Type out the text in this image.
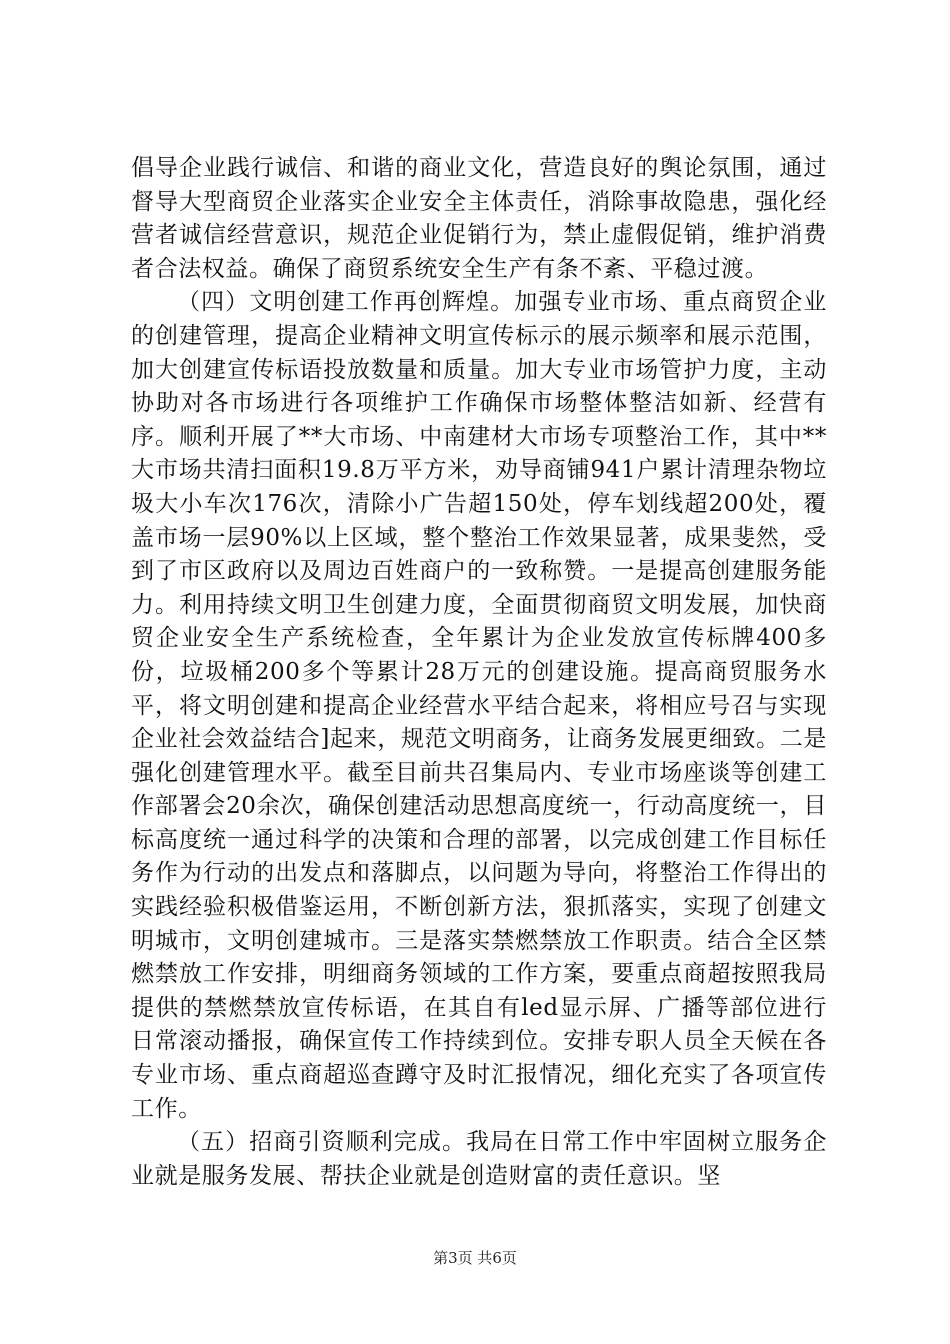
倡导企业践行诚信、和谐的商业文化，营造良好的舆论氛围，通过督导大型商贸企业落实企业安全主体责任，消除事故隐患，强化经营者诚信经营意识，规范企业促销行为，禁止虚假促销，维护消费者合法权益。确保了商贸系统安全生产有条不紊、平稳过渡。

（四）文明创建工作再创辉煌。加强专业市场、重点商贸企业的创建管理，提高企业精神文明宣传标示的展示频率和展示范围，加大创建宣传标语投放数量和质量。加大专业市场管护力度，主动协助对各市场进行各项维护工作确保市场整体整洁如新、经营有序。顺利开展了**大市场、中南建材大市场专项整治工作，其中**大市场共清扫面积19.8万平方米，劝导商铺941户累计清理杂物垃圾大小车次176次，清除小广告超150处，停车划线超200处，覆盖市场一层90%以上区域，整个整治工作效果显著，成果斐然，受到了市区政府以及周边百姓商户的一致称赞。一是提高创建服务能力。利用持续文明卫生创建力度，全面贯彻商贸文明发展，加快商贸企业安全生产系统检查，全年累计为企业发放宣传标牌400多份，垃圾桶200多个等累计28万元的创建设施。提高商贸服务水平，将文明创建和提高企业经营水平结合起来，将相应号召与实现企业社会效益结合]起来，规范文明商务，让商务发展更细致。二是强化创建管理水平。截至目前共召集局内、专业市场座谈等创建工作部署会20余次，确保创建活动思想高度统一，行动高度统一，目标高度统一通过科学的决策和合理的部署，以完成创建工作目标任务作为行动的出发点和落脚点，以问题为导向，将整治工作得出的实践经验积极借鉴运用，不断创新方法，狠抓落实，实现了创建文明城市，文明创建城市。三是落实禁燃禁放工作职责。结合全区禁燃禁放工作安排，明细商务领域的工作方案，要重点商超按照我局提供的禁燃禁放宣传标语，在其自有led显示屏、广播等部位进行日常滚动播报，确保宣传工作持续到位。安排专职人员全天候在各专业市场、重点商超巡查蹲守及时汇报情况，细化充实了各项宣传工作。

（五）招商引资顺利完成。我局在日常工作中牢固树立服务企业就是服务发展、帮扶企业就是创造财富的责任意识。坚

第3页 共6页
